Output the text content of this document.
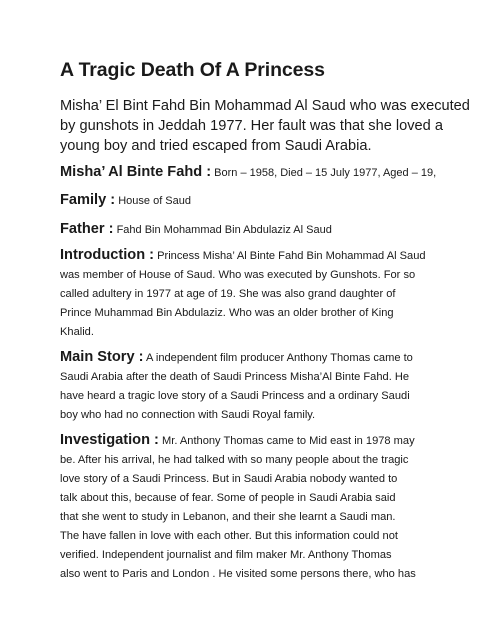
A Tragic Death Of A Princess
Misha’ El Bint Fahd Bin Mohammad Al Saud who was executed
by gunshots in Jeddah 1977. Her fault was that she loved a
young boy and tried escaped from Saudi Arabia.
Misha’ Al Binte Fahd : Born – 1958, Died – 15 July 1977, Aged – 19,
Family : House of Saud
Father : Fahd Bin Mohammad Bin Abdulaziz Al Saud
Introduction : Princess Misha’ Al Binte Fahd Bin Mohammad Al Saud
was member of House of Saud. Who was executed by Gunshots. For so
called adultery in 1977 at age of 19. She was also grand daughter of
Prince Muhammad Bin Abdulaziz. Who was an older brother of King
Khalid.
Main Story : A independent film producer Anthony Thomas came to
Saudi Arabia after the death of Saudi Princess Misha’Al Binte Fahd. He
have heard a tragic love story of a Saudi Princess and a ordinary Saudi
boy who had no connection with Saudi Royal family.
Investigation : Mr. Anthony Thomas came to Mid east in 1978 may
be. After his arrival, he had talked with so many people about the tragic
love story of a Saudi Princess. But in Saudi Arabia nobody wanted to
talk about this, because of fear. Some of people in Saudi Arabia said
that she went to study in Lebanon, and their she learnt a Saudi man.
The have fallen in love with each other. But this information could not
verified. Independent journalist and film maker Mr. Anthony Thomas
also went to Paris and London . He visited some persons there, who has
